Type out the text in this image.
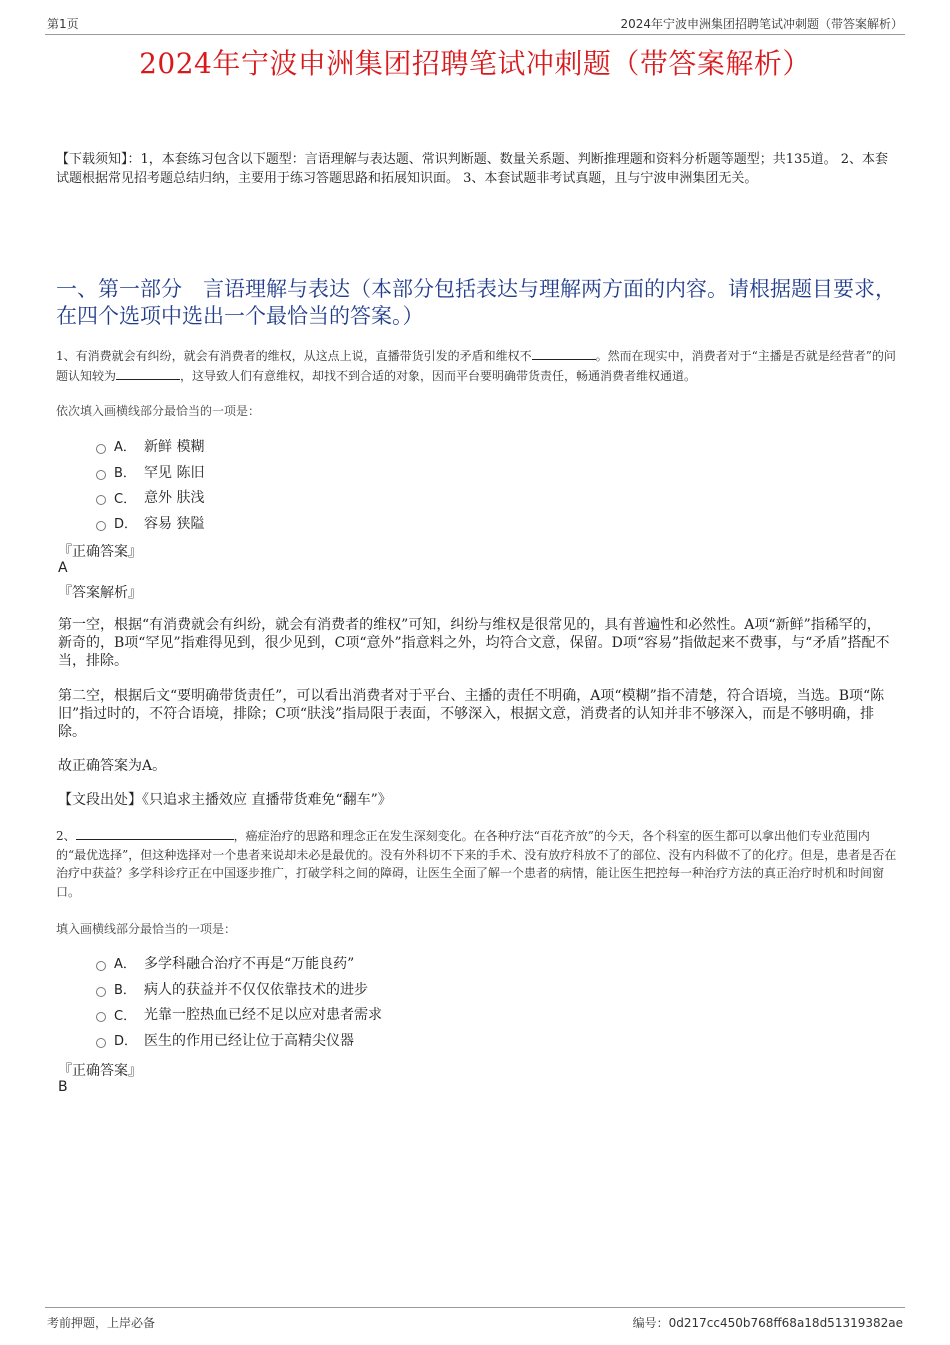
第1页	2024年宁波申洲集团招聘笔试冲刺题（带答案解析）
2024年宁波申洲集团招聘笔试冲刺题（带答案解析）
【下载须知】：1，本套练习包含以下题型：言语理解与表达题、常识判断题、数量关系题、判断推理题和资料分析题等题型；共135道。 2、本套试题根据常见招考题总结归纳，主要用于练习答题思路和拓展知识面。 3、本套试题非考试真题，且与宁波申洲集团无关。
一、第一部分　言语理解与表达（本部分包括表达与理解两方面的内容。请根据题目要求，在四个选项中选出一个最恰当的答案。）
1、有消费就会有纠纷，就会有消费者的维权，从这点上说，直播带货引发的矛盾和维权不	。然而在现实中，消费者对于“主播是否就是经营者”的问题认知较为	，这导致人们有意维权，却找不到合适的对象，因而平台要明确带货责任，畅通消费者维权通道。
依次填入画横线部分最恰当的一项是：
A． 新鲜 模糊
B． 罕见 陈旧
C． 意外 肤浅
D． 容易 狭隘
『正确答案』
A
『答案解析』
第一空，根据“有消费就会有纠纷，就会有消费者的维权”可知，纠纷与维权是很常见的，具有普遍性和必然性。A项“新鲜”指稀罕的，新奇的，B项“罕见”指难得见到，很少见到，C项“意外”指意料之外，均符合文意，保留。D项“容易”指做起来不费事，与“矛盾”搭配不当，排除。
第二空，根据后文“要明确带货责任”，可以看出消费者对于平台、主播的责任不明确，A项“模糊”指不清楚，符合语境，当选。B项“陈旧”指过时的，不符合语境，排除；C项“肤浅”指局限于表面，不够深入，根据文意，消费者的认知并非不够深入，而是不够明确，排除。
故正确答案为A。
【文段出处】《只追求主播效应 直播带货难免“翻车”》
2、	，癌症治疗的思路和理念正在发生深刻变化。在各种疗法“百花齐放”的今天，各个科室的医生都可以拿出他们专业范围内的“最优选择”，但这种选择对一个患者来说却未必是最优的。没有外科切不下来的手术、没有放疗科放不了的部位、没有内科做不了的化疗。但是，患者是否在治疗中获益？多学科诊疗正在中国逐步推广，打破学科之间的障碍，让医生全面了解一个患者的病情，能让医生把控每一种治疗方法的真正治疗时机和时间窗口。
填入画横线部分最恰当的一项是：
A． 多学科融合治疗不再是“万能良药”
B． 病人的获益并不仅仅依靠技术的进步
C． 光靠一腔热血已经不足以应对患者需求
D． 医生的作用已经让位于高精尖仪器
『正确答案』
B
考前押题，上岸必备	编号：0d217cc450b768ff68a18d51319382ae
